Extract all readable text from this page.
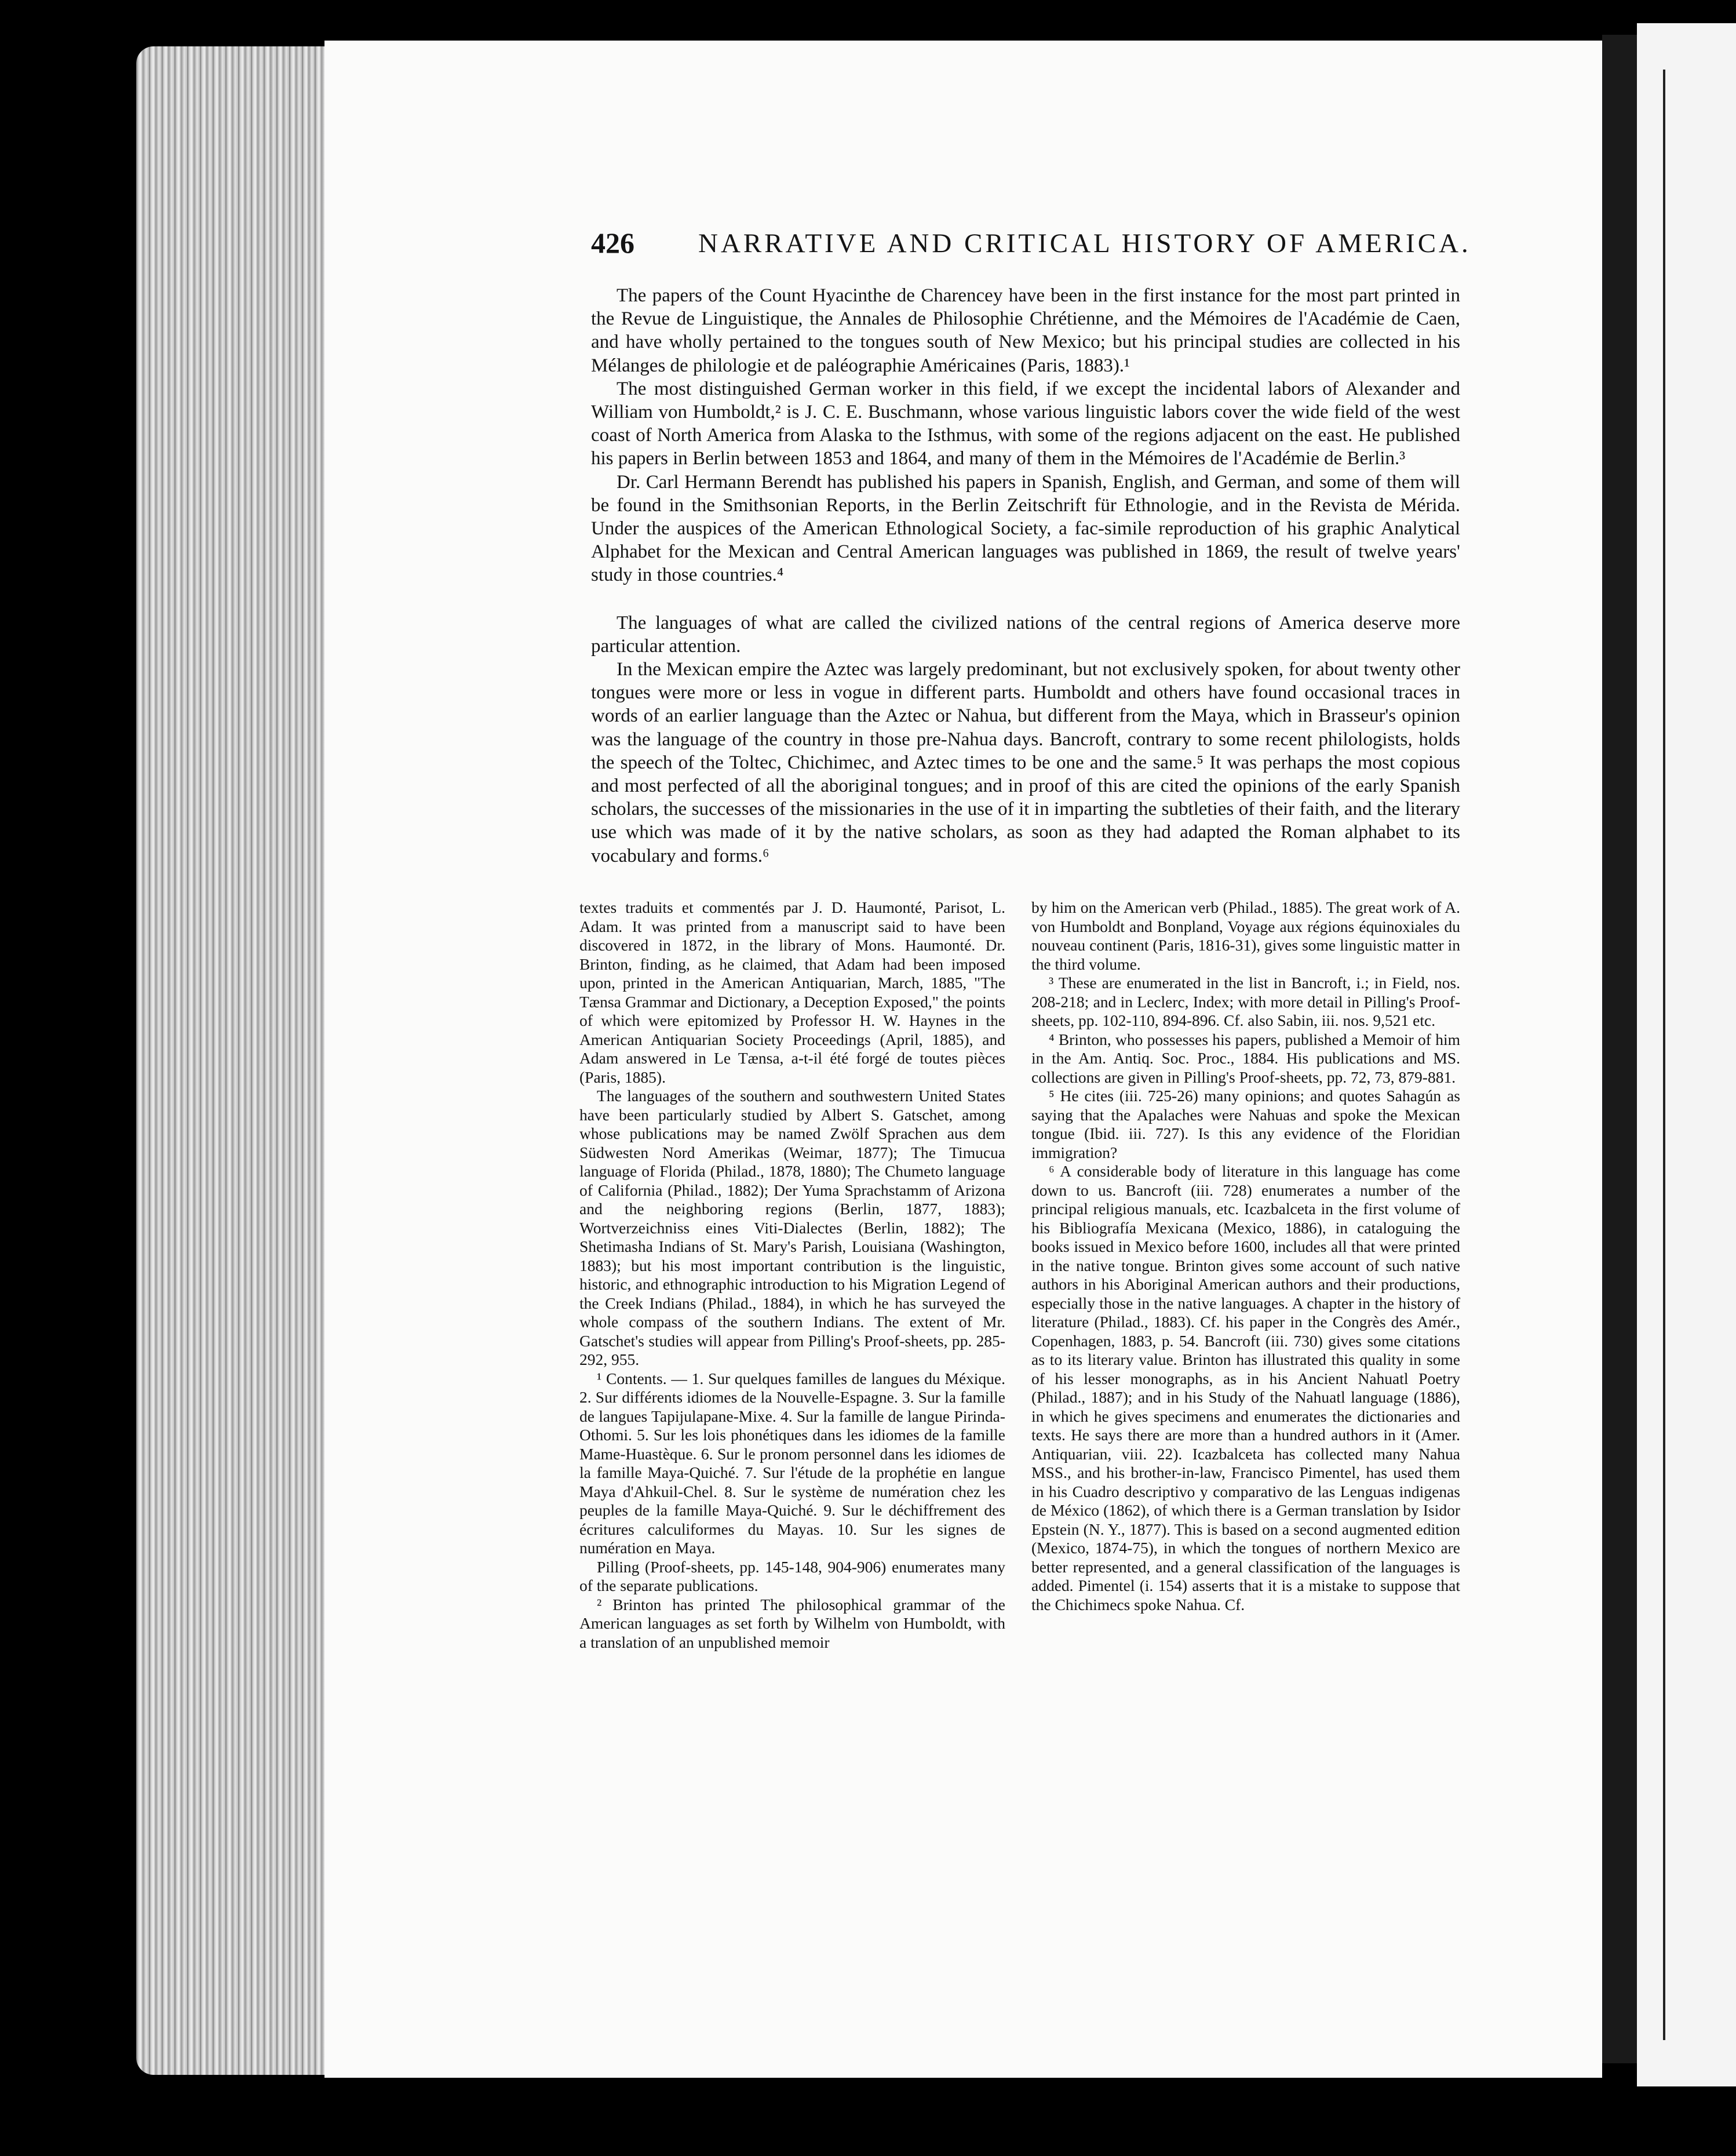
426 NARRATIVE AND CRITICAL HISTORY OF AMERICA.

The papers of the Count Hyacinthe de Charencey have been in the first instance for the most part printed in the Revue de Linguistique, the Annales de Philosophie Chrétienne, and the Mémoires de l'Académie de Caen, and have wholly pertained to the tongues south of New Mexico; but his principal studies are collected in his Mélanges de philologie et de paléographie Américaines (Paris, 1883).¹

The most distinguished German worker in this field, if we except the incidental labors of Alexander and William von Humboldt,² is J. C. E. Buschmann, whose various linguistic labors cover the wide field of the west coast of North America from Alaska to the Isthmus, with some of the regions adjacent on the east. He published his papers in Berlin between 1853 and 1864, and many of them in the Mémoires de l'Académie de Berlin.³

Dr. Carl Hermann Berendt has published his papers in Spanish, English, and German, and some of them will be found in the Smithsonian Reports, in the Berlin Zeitschrift für Ethnologie, and in the Revista de Mérida. Under the auspices of the American Ethnological Society, a fac-simile reproduction of his graphic Analytical Alphabet for the Mexican and Central American languages was published in 1869, the result of twelve years' study in those countries.⁴

The languages of what are called the civilized nations of the central regions of America deserve more particular attention.

In the Mexican empire the Aztec was largely predominant, but not exclusively spoken, for about twenty other tongues were more or less in vogue in different parts. Humboldt and others have found occasional traces in words of an earlier language than the Aztec or Nahua, but different from the Maya, which in Brasseur's opinion was the language of the country in those pre-Nahua days. Bancroft, contrary to some recent philologists, holds the speech of the Toltec, Chichimec, and Aztec times to be one and the same.⁵ It was perhaps the most copious and most perfected of all the aboriginal tongues; and in proof of this are cited the opinions of the early Spanish scholars, the successes of the missionaries in the use of it in imparting the subtleties of their faith, and the literary use which was made of it by the native scholars, as soon as they had adapted the Roman alphabet to its vocabulary and forms.⁶

textes traduits et commentés par J. D. Haumonté, Parisot, L. Adam. It was printed from a manuscript said to have been discovered in 1872, in the library of Mons. Haumonté. Dr. Brinton, finding, as he claimed, that Adam had been imposed upon, printed in the American Antiquarian, March, 1885, "The Tænsa Grammar and Dictionary, a Deception Exposed," the points of which were epitomized by Professor H. W. Haynes in the American Antiquarian Society Proceedings (April, 1885), and Adam answered in Le Tænsa, a-t-il été forgé de toutes pièces (Paris, 1885).

The languages of the southern and southwestern United States have been particularly studied by Albert S. Gatschet, among whose publications may be named Zwölf Sprachen aus dem Südwesten Nord Amerikas (Weimar, 1877); The Timucua language of Florida (Philad., 1878, 1880); The Chumeto language of California (Philad., 1882); Der Yuma Sprachstamm of Arizona and the neighboring regions (Berlin, 1877, 1883); Wortverzeichniss eines Viti-Dialectes (Berlin, 1882); The Shetimasha Indians of St. Mary's Parish, Louisiana (Washington, 1883); but his most important contribution is the linguistic, historic, and ethnographic introduction to his Migration Legend of the Creek Indians (Philad., 1884), in which he has surveyed the whole compass of the southern Indians. The extent of Mr. Gatschet's studies will appear from Pilling's Proof-sheets, pp. 285-292, 955.

¹ Contents. — 1. Sur quelques familles de langues du Méxique. 2. Sur différents idiomes de la Nouvelle-Espagne. 3. Sur la famille de langues Tapijulapane-Mixe. 4. Sur la famille de langue Pirinda-Othomi. 5. Sur les lois phonétiques dans les idiomes de la famille Mame-Huastèque. 6. Sur le pronom personnel dans les idiomes de la famille Maya-Quiché. 7. Sur l'étude de la prophétie en langue Maya d'Ahkuil-Chel. 8. Sur le système de numération chez les peuples de la famille Maya-Quiché. 9. Sur le déchiffrement des écritures calculiformes du Mayas. 10. Sur les signes de numération en Maya.

Pilling (Proof-sheets, pp. 145-148, 904-906) enumerates many of the separate publications.

² Brinton has printed The philosophical grammar of the American languages as set forth by Wilhelm von Humboldt, with a translation of an unpublished memoir

by him on the American verb (Philad., 1885). The great work of A. von Humboldt and Bonpland, Voyage aux régions équinoxiales du nouveau continent (Paris, 1816-31), gives some linguistic matter in the third volume.

³ These are enumerated in the list in Bancroft, i.; in Field, nos. 208-218; and in Leclerc, Index; with more detail in Pilling's Proof-sheets, pp. 102-110, 894-896. Cf. also Sabin, iii. nos. 9,521 etc.

⁴ Brinton, who possesses his papers, published a Memoir of him in the Am. Antiq. Soc. Proc., 1884. His publications and MS. collections are given in Pilling's Proof-sheets, pp. 72, 73, 879-881.

⁵ He cites (iii. 725-26) many opinions; and quotes Sahagún as saying that the Apalaches were Nahuas and spoke the Mexican tongue (Ibid. iii. 727). Is this any evidence of the Floridian immigration?

⁶ A considerable body of literature in this language has come down to us. Bancroft (iii. 728) enumerates a number of the principal religious manuals, etc. Icazbalceta in the first volume of his Bibliografía Mexicana (Mexico, 1886), in cataloguing the books issued in Mexico before 1600, includes all that were printed in the native tongue. Brinton gives some account of such native authors in his Aboriginal American authors and their productions, especially those in the native languages. A chapter in the history of literature (Philad., 1883). Cf. his paper in the Congrès des Amér., Copenhagen, 1883, p. 54. Bancroft (iii. 730) gives some citations as to its literary value. Brinton has illustrated this quality in some of his lesser monographs, as in his Ancient Nahuatl Poetry (Philad., 1887); and in his Study of the Nahuatl language (1886), in which he gives specimens and enumerates the dictionaries and texts. He says there are more than a hundred authors in it (Amer. Antiquarian, viii. 22). Icazbalceta has collected many Nahua MSS., and his brother-in-law, Francisco Pimentel, has used them in his Cuadro descriptivo y comparativo de las Lenguas indigenas de México (1862), of which there is a German translation by Isidor Epstein (N. Y., 1877). This is based on a second augmented edition (Mexico, 1874-75), in which the tongues of northern Mexico are better represented, and a general classification of the languages is added. Pimentel (i. 154) asserts that it is a mistake to suppose that the Chichimecs spoke Nahua. Cf.
